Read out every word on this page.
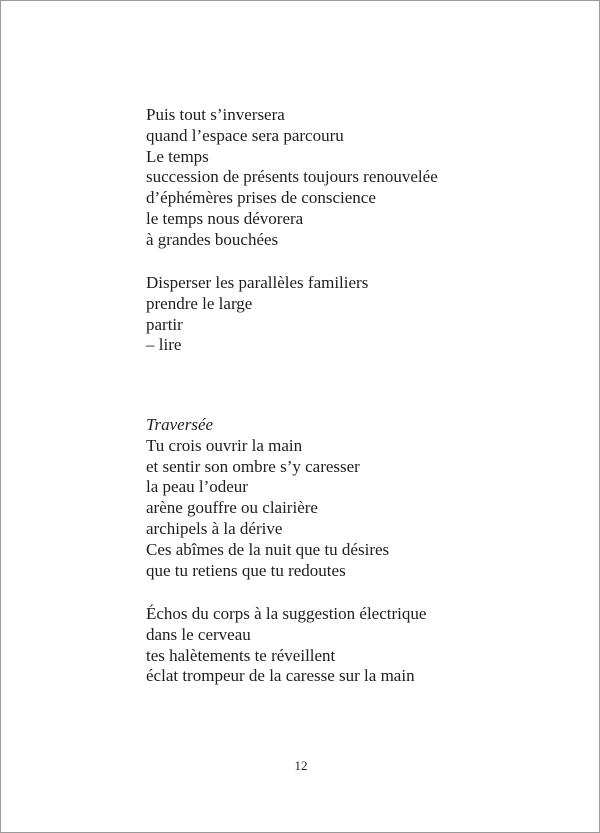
Puis tout s’inversera
quand l’espace sera parcouru
Le temps
succession de présents toujours renouvelée
d’éphémères prises de conscience
le temps nous dévorera
à grandes bouchées
Disperser les parallèles familiers
prendre le large
partir
– lire
Traversée
Tu crois ouvrir la main
et sentir son ombre s’y caresser
la peau l’odeur
arène gouffre ou clairière
archipels à la dérive
Ces abîmes de la nuit que tu désires
que tu retiens que tu redoutes
Échos du corps à la suggestion électrique
dans le cerveau
tes halètements te réveillent
éclat trompeur de la caresse sur la main
12
